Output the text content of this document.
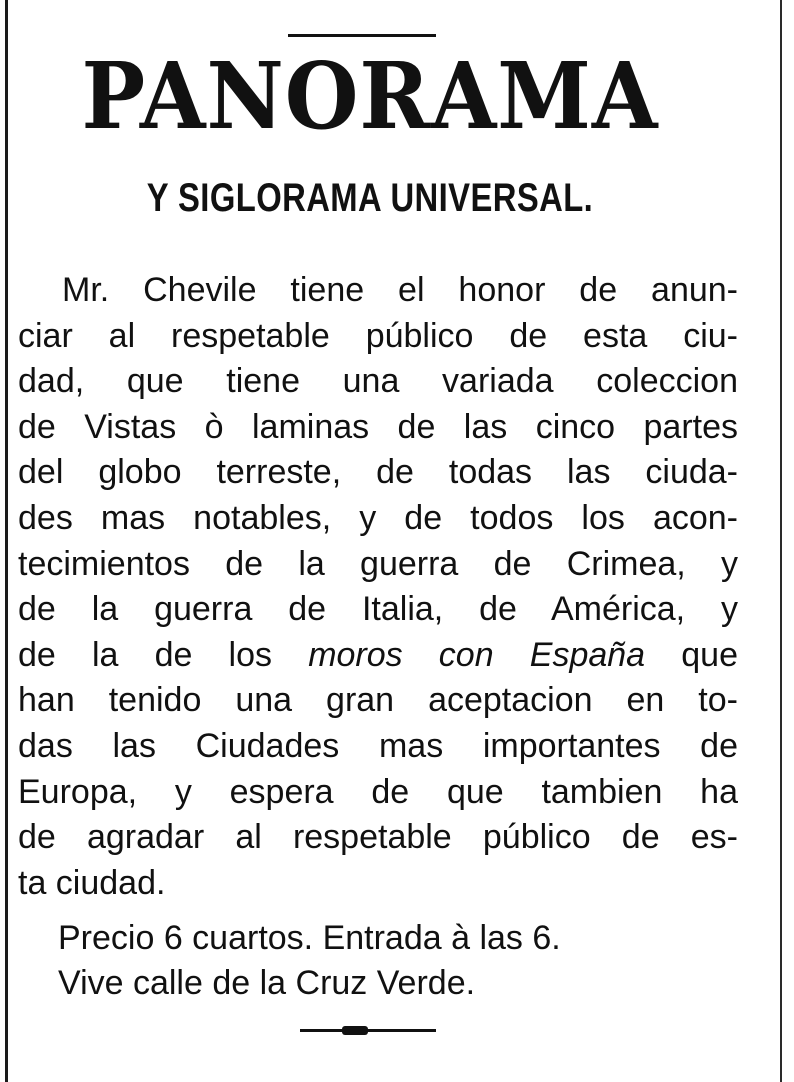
PANORAMA
Y SIGLORAMA UNIVERSAL.
Mr. Chevile tiene el honor de anun-
ciar al respetable público de esta ciu-
dad, que tiene una variada coleccion
de Vistas ò laminas de las cinco partes
del globo terreste, de todas las ciuda-
des mas notables, y de todos los acon-
tecimientos de la guerra de Crimea, y
de la guerra de Italia, de América, y
de la de los moros con España que
han tenido una gran aceptacion en to-
das las Ciudades mas importantes de
Europa, y espera de que tambien ha
de agradar al respetable público de es-
ta ciudad.
Precio 6 cuartos. Entrada à las 6.
Vive calle de la Cruz Verde.
